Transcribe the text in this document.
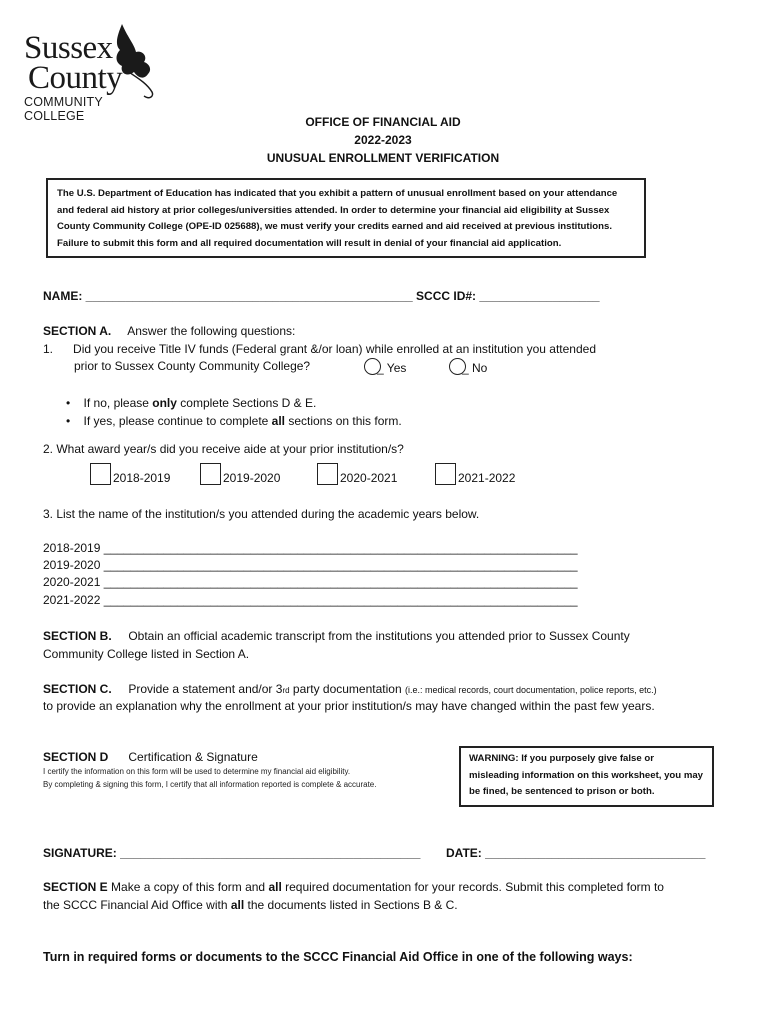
Sussex
County
COMMUNITY COLLEGE	OFFICE OF FINANCIAL AID
2022-2023
UNUSUAL ENROLLMENT VERIFICATION
The U.S. Department of Education has indicated that you exhibit a pattern of unusual enrollment based on your attendance and federal aid history at prior colleges/universities attended. In order to determine your financial aid eligibility at Sussex County Community College (OPE-ID 025688), we must verify your credits earned and aid received at previous institutions. Failure to submit this form and all required documentation will result in denial of your financial aid application.
NAME: _________________________________________________ SCCC ID#: __________________
SECTION A. Answer the following questions:
1. Did you receive Title IV funds (Federal grant &/or loan) while enrolled at an institution you attended
prior to Sussex County Community College?	_ Yes	_ No
•    If no, please only complete Sections D & E.
•    If yes, please continue to complete all sections on this form.
2. What award year/s did you receive aide at your prior institution/s?
2018-2019	2019-2020	2020-2021	2021-2022
3. List the name of the institution/s you attended during the academic years below.
2018-2019 _______________________________________________________________________
2019-2020 _______________________________________________________________________
2020-2021 _______________________________________________________________________
2021-2022 _______________________________________________________________________
SECTION B. Obtain an official academic transcript from the institutions you attended prior to Sussex County
Community College listed in Section A.
SECTION C. Provide a statement and/or 3rd party documentation (i.e.: medical records, court documentation, police reports, etc.)
to provide an explanation why the enrollment at your prior institution/s may have changed within the past few years.
SECTION D Certification & Signature
I certify the information on this form will be used to determine my financial aid eligibility.
By completing & signing this form, I certify that all information reported is complete & accurate.
WARNING: If you purposely give false or misleading information on this worksheet, you may be fined, be sentenced to prison or both.
SIGNATURE: _____________________________________________ DATE: _________________________________
SECTION E Make a copy of this form and all required documentation for your records. Submit this completed form to
the SCCC Financial Aid Office with all the documents listed in Sections B & C.
Turn in required forms or documents to the SCCC Financial Aid Office in one of the following ways:
